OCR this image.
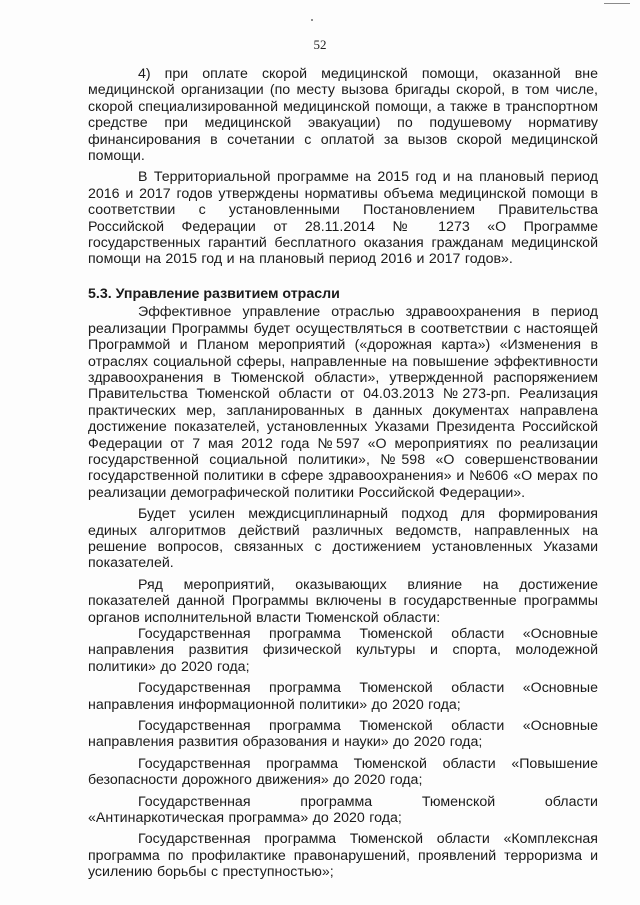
52

4) при оплате скорой медицинской помощи, оказанной вне медицинской организации (по месту вызова бригады скорой, в том числе, скорой специализированной медицинской помощи, а также в транспортном средстве при медицинской эвакуации) по подушевому нормативу финансирования в сочетании с оплатой за вызов скорой медицинской помощи.

В Территориальной программе на 2015 год и на плановый период 2016 и 2017 годов утверждены нормативы объема медицинской помощи в соответствии с установленными Постановлением Правительства Российской Федерации от 28.11.2014 № 1273 «О Программе государственных гарантий бесплатного оказания гражданам медицинской помощи на 2015 год и на плановый период 2016 и 2017 годов».

5.3. Управление развитием отрасли

Эффективное управление отраслью здравоохранения в период реализации Программы будет осуществляться в соответствии с настоящей Программой и Планом мероприятий («дорожная карта») «Изменения в отраслях социальной сферы, направленные на повышение эффективности здравоохранения в Тюменской области», утвержденной распоряжением Правительства Тюменской области от 04.03.2013 №273-рп. Реализация практических мер, запланированных в данных документах направлена достижение показателей, установленных Указами Президента Российской Федерации от 7 мая 2012 года №597 «О мероприятиях по реализации государственной социальной политики», №598 «О совершенствовании государственной политики в сфере здравоохранения» и №606 «О мерах по реализации демографической политики Российской Федерации».

Будет усилен междисциплинарный подход для формирования единых алгоритмов действий различных ведомств, направленных на решение вопросов, связанных с достижением установленных Указами показателей.

Ряд мероприятий, оказывающих влияние на достижение показателей данной Программы включены в государственные программы органов исполнительной власти Тюменской области:

Государственная программа Тюменской области «Основные направления развития физической культуры и спорта, молодежной политики» до 2020 года;

Государственная программа Тюменской области «Основные направления информационной политики» до 2020 года;

Государственная программа Тюменской области «Основные направления развития образования и науки» до 2020 года;

Государственная программа Тюменской области «Повышение безопасности дорожного движения» до 2020 года;

Государственная программа Тюменской области «Антинаркотическая программа» до 2020 года;

Государственная программа Тюменской области «Комплексная программа по профилактике правонарушений, проявлений терроризма и усилению борьбы с преступностью»;
